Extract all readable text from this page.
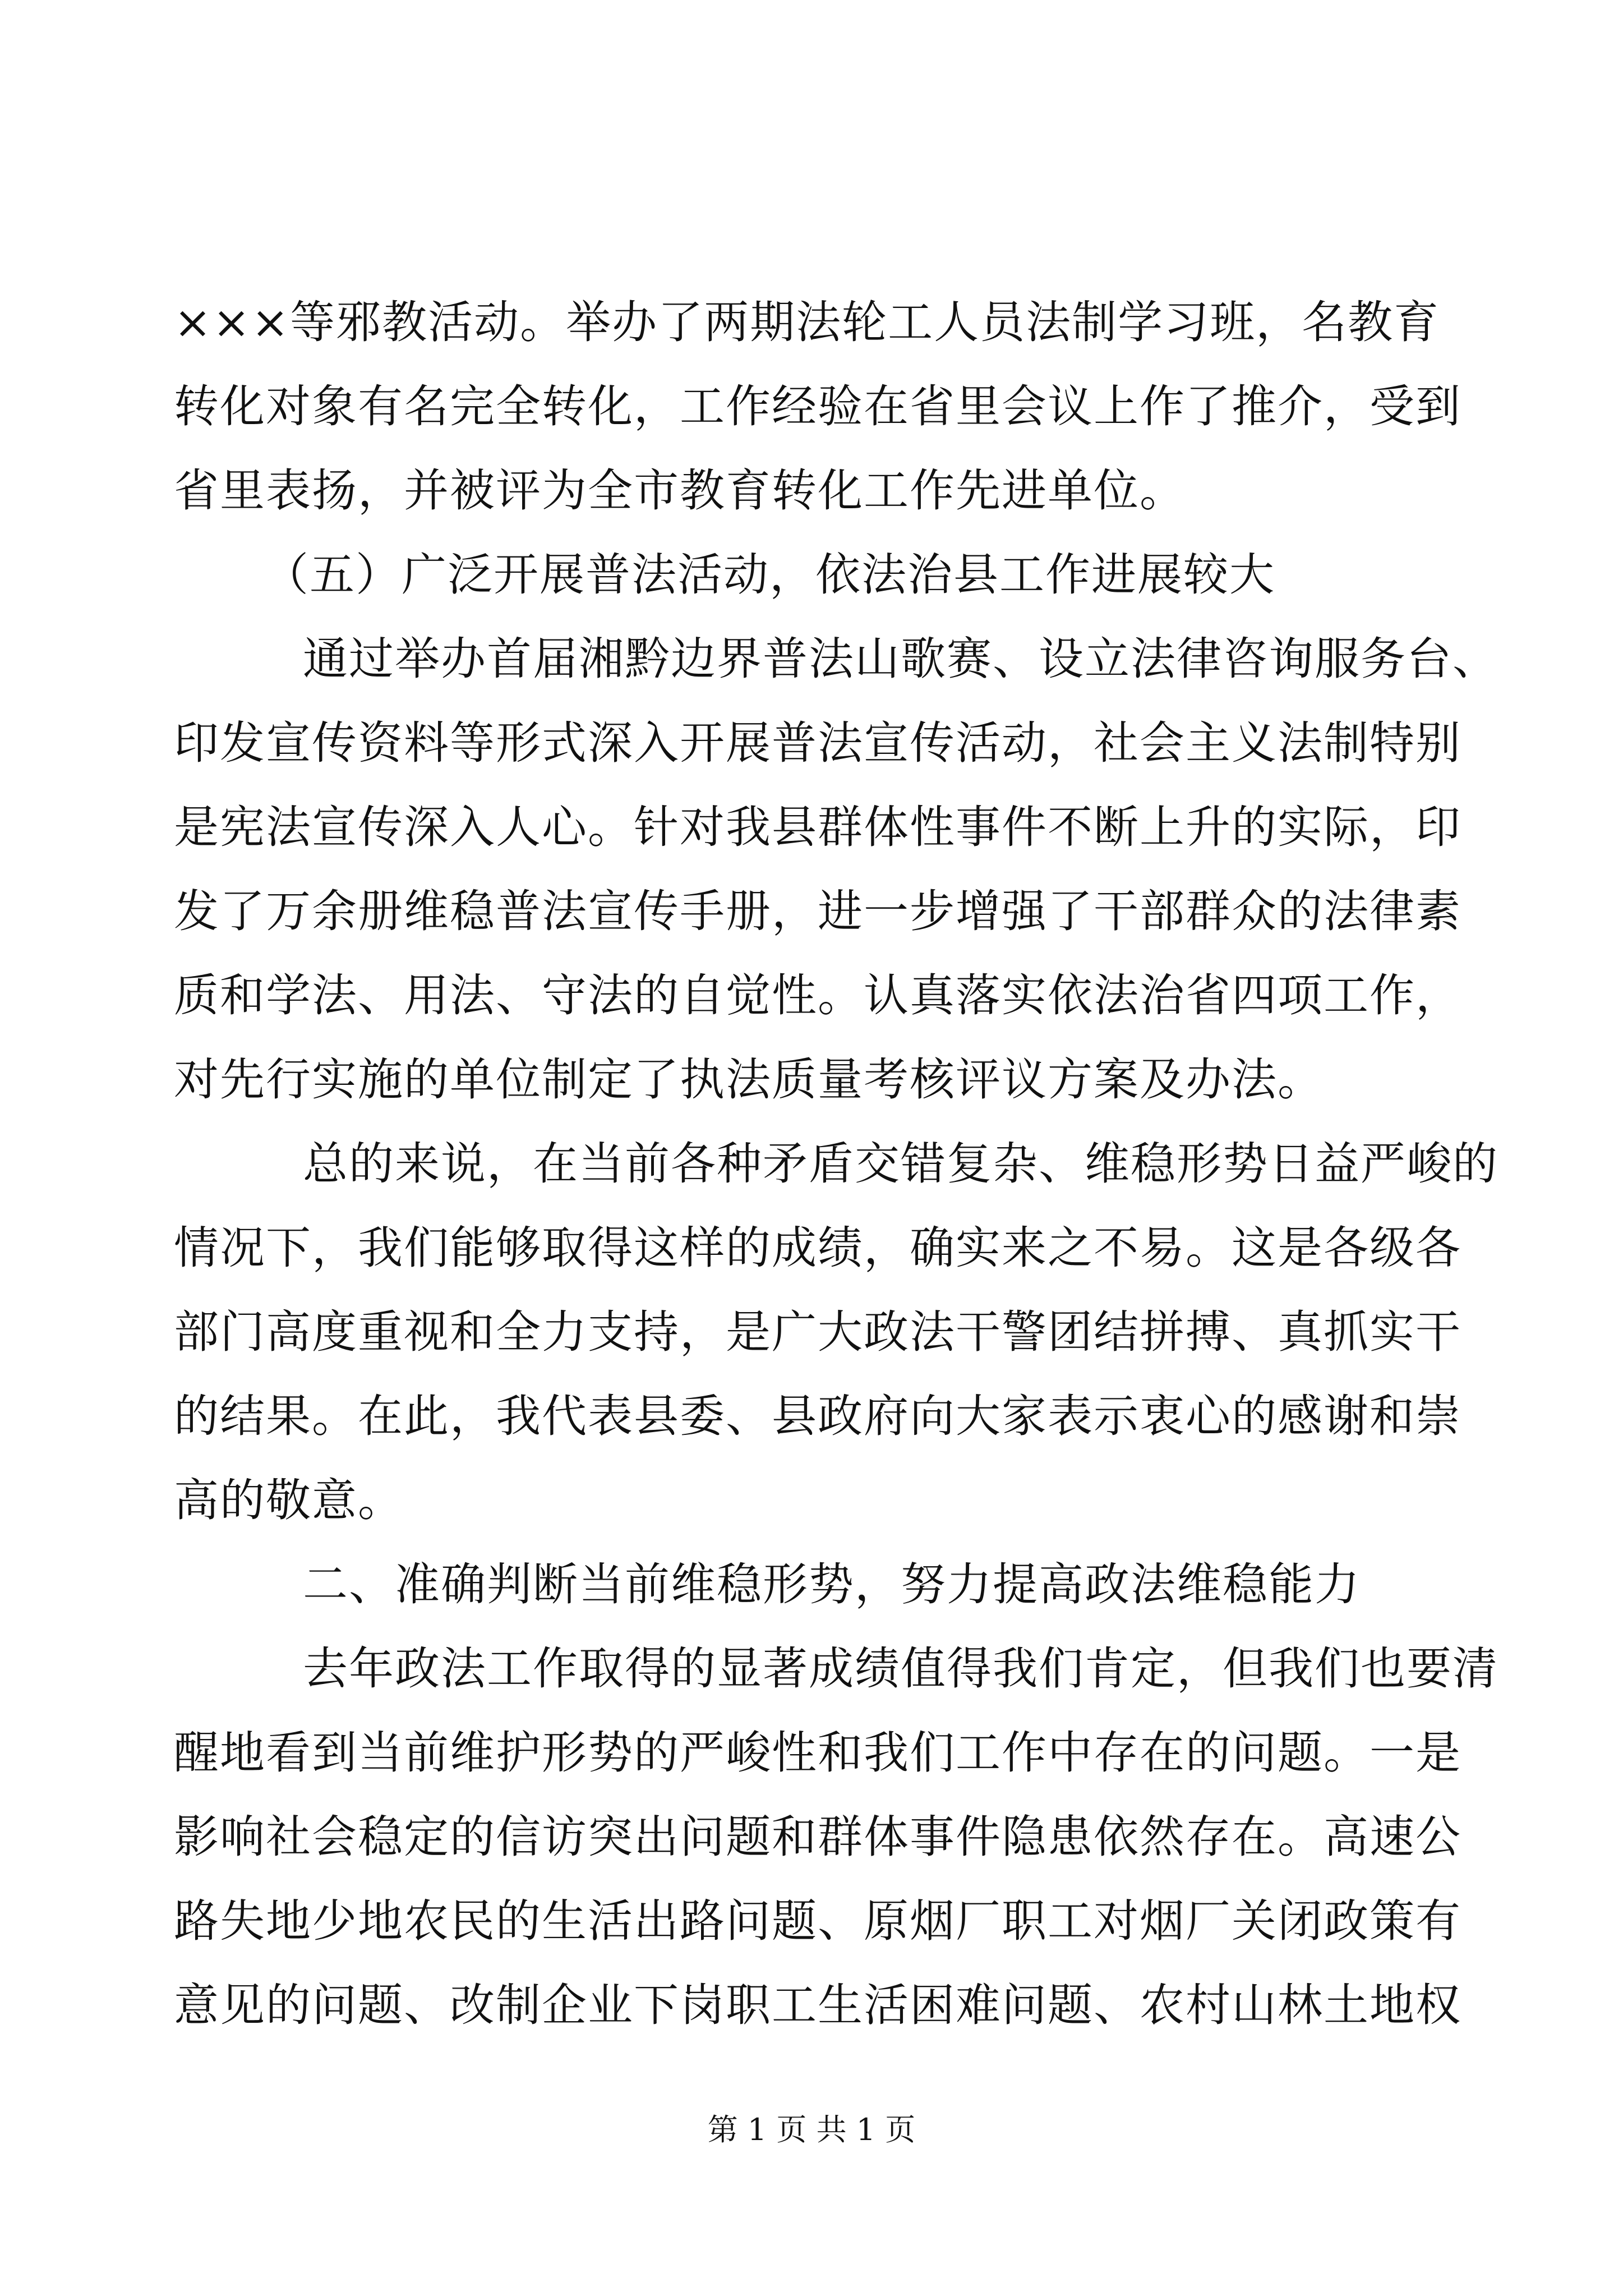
×××等邪教活动。举办了两期法轮工人员法制学习班，名教育
转化对象有名完全转化，工作经验在省里会议上作了推介，受到
省里表扬，并被评为全市教育转化工作先进单位。
（五）广泛开展普法活动，依法治县工作进展较大
通过举办首届湘黔边界普法山歌赛、设立法律咨询服务台、
印发宣传资料等形式深入开展普法宣传活动，社会主义法制特别
是宪法宣传深入人心。针对我县群体性事件不断上升的实际，印
发了万余册维稳普法宣传手册，进一步增强了干部群众的法律素
质和学法、用法、守法的自觉性。认真落实依法治省四项工作，
对先行实施的单位制定了执法质量考核评议方案及办法。
总的来说，在当前各种矛盾交错复杂、维稳形势日益严峻的
情况下，我们能够取得这样的成绩，确实来之不易。这是各级各
部门高度重视和全力支持，是广大政法干警团结拼搏、真抓实干
的结果。在此，我代表县委、县政府向大家表示衷心的感谢和崇
高的敬意。
二、准确判断当前维稳形势，努力提高政法维稳能力
去年政法工作取得的显著成绩值得我们肯定，但我们也要清
醒地看到当前维护形势的严峻性和我们工作中存在的问题。一是
影响社会稳定的信访突出问题和群体事件隐患依然存在。高速公
路失地少地农民的生活出路问题、原烟厂职工对烟厂关闭政策有
意见的问题、改制企业下岗职工生活困难问题、农村山林土地权
第 1 页 共 1 页
